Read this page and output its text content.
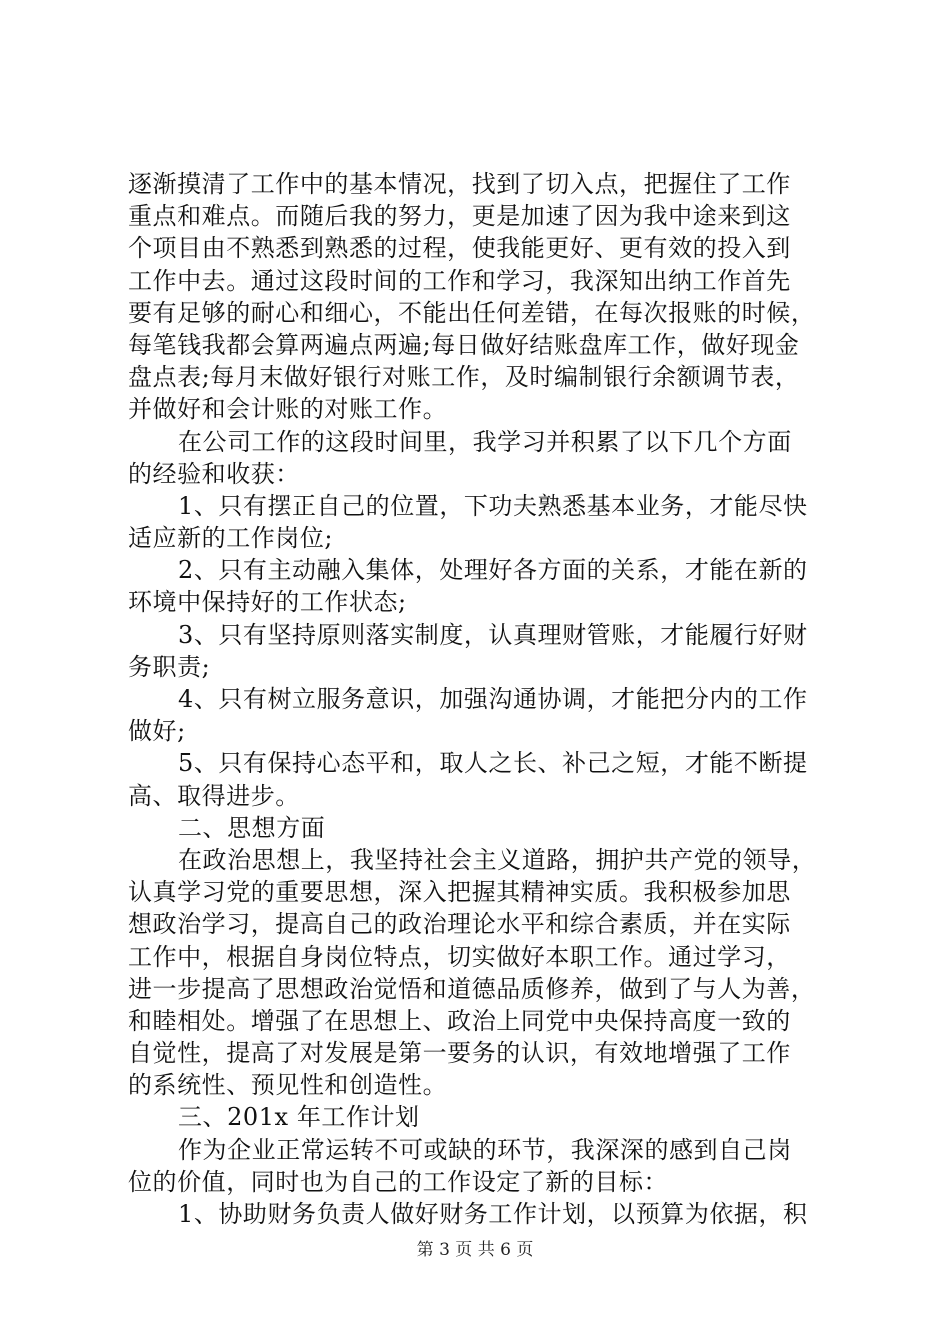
逐渐摸清了工作中的基本情况，找到了切入点，把握住了工作
重点和难点。而随后我的努力，更是加速了因为我中途来到这
个项目由不熟悉到熟悉的过程，使我能更好、更有效的投入到
工作中去。通过这段时间的工作和学习，我深知出纳工作首先
要有足够的耐心和细心，不能出任何差错，在每次报账的时候，
每笔钱我都会算两遍点两遍;每日做好结账盘库工作，做好现金
盘点表;每月末做好银行对账工作，及时编制银行余额调节表，
并做好和会计账的对账工作。
在公司工作的这段时间里，我学习并积累了以下几个方面
的经验和收获：
1、只有摆正自己的位置，下功夫熟悉基本业务，才能尽快
适应新的工作岗位;
2、只有主动融入集体，处理好各方面的关系，才能在新的
环境中保持好的工作状态;
3、只有坚持原则落实制度，认真理财管账，才能履行好财
务职责;
4、只有树立服务意识，加强沟通协调，才能把分内的工作
做好;
5、只有保持心态平和，取人之长、补己之短，才能不断提
高、取得进步。
二、思想方面
在政治思想上，我坚持社会主义道路，拥护共产党的领导，
认真学习党的重要思想，深入把握其精神实质。我积极参加思
想政治学习，提高自己的政治理论水平和综合素质，并在实际
工作中，根据自身岗位特点，切实做好本职工作。通过学习，
进一步提高了思想政治觉悟和道德品质修养，做到了与人为善，
和睦相处。增强了在思想上、政治上同党中央保持高度一致的
自觉性，提高了对发展是第一要务的认识，有效地增强了工作
的系统性、预见性和创造性。
三、201x 年工作计划
作为企业正常运转不可或缺的环节，我深深的感到自己岗
位的价值，同时也为自己的工作设定了新的目标：
1、协助财务负责人做好财务工作计划，以预算为依据，积
第 3 页 共 6 页
